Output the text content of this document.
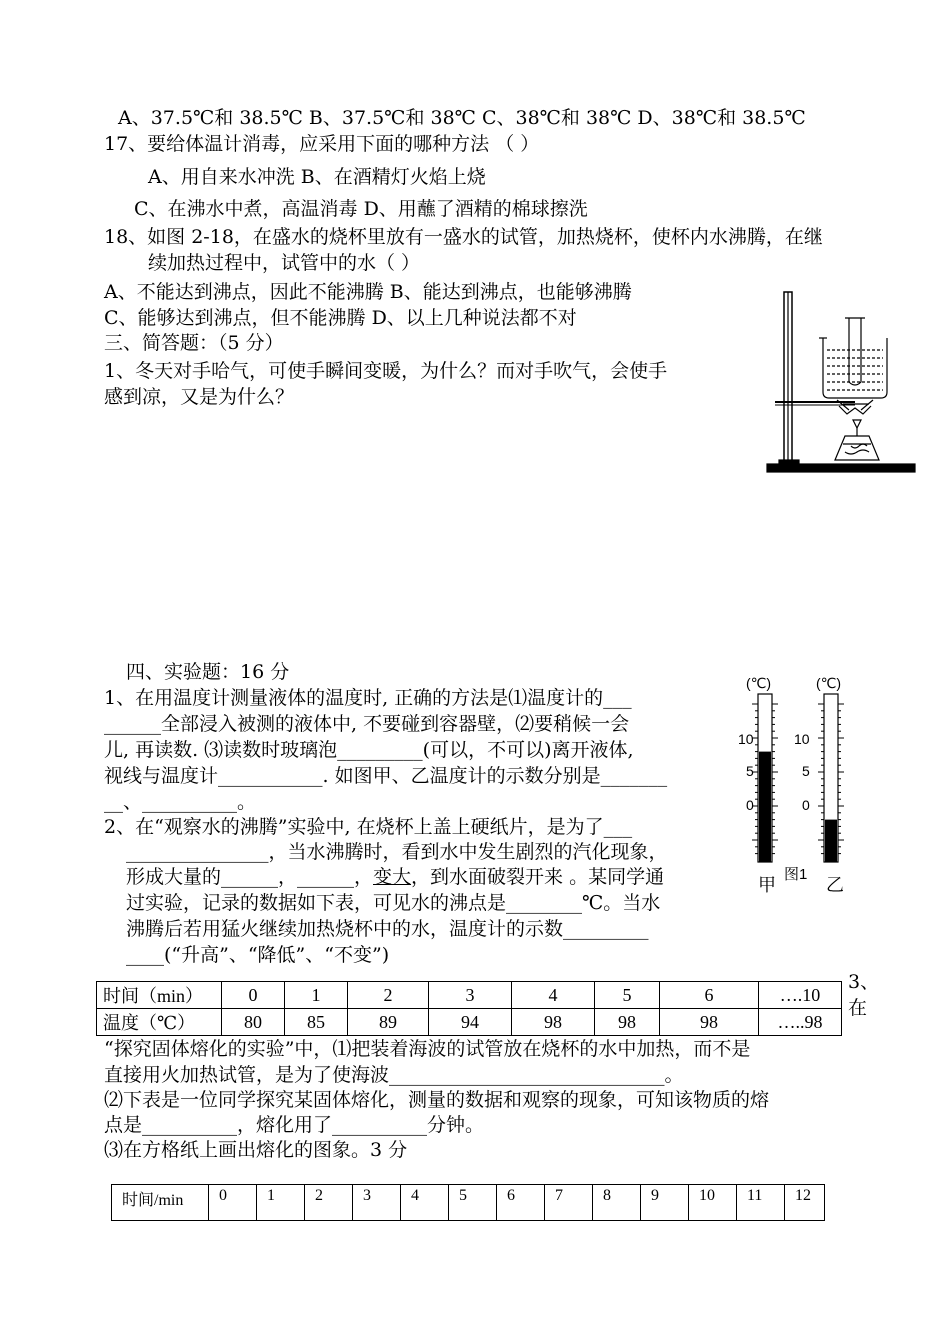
A、37.5℃和 38.5℃ B、37.5℃和 38℃ C、38℃和 38℃ D、38℃和 38.5℃
17、要给体温计消毒，应采用下面的哪种方法 （ ）
A、用自来水冲洗 B、在酒精灯火焰上烧
C、在沸水中煮，高温消毒 D、用蘸了酒精的棉球擦洗
18、如图 2-18，在盛水的烧杯里放有一盛水的试管，加热烧杯，使杯内水沸腾，在继
续加热过程中，试管中的水（ ）
A、不能达到沸点，因此不能沸腾 B、能达到沸点，也能够沸腾
C、能够达到沸点，但不能沸腾 D、以上几种说法都不对
三、简答题：（5 分）
1、冬天对手哈气，可使手瞬间变暖，为什么？而对手吹气，会使手
感到凉，又是为什么？
四、实验题：16 分
1、在用温度计测量液体的温度时, 正确的方法是⑴温度计的___
______全部浸入被测的液体中, 不要碰到容器壁，⑵要稍候一会
儿, 再读数. ⑶读数时玻璃泡_________(可以，不可以)离开液体,
视线与温度计___________. 如图甲、乙温度计的示数分别是_______
__、__________。
2、在“观察水的沸腾”实验中, 在烧杯上盖上硬纸片，是为了___
_______________，当水沸腾时，看到水中发生剧烈的汽化现象，
形成大量的______，______，变大，到水面破裂开来 。某同学通
过实验，记录的数据如下表，可见水的沸点是________℃。当水
沸腾后若用猛火继续加热烧杯中的水，温度计的示数_________
____(“升高”、“降低”、“不变”)
(℃)	(℃)
10
5
0
10
5
0
甲
图1
乙
时间（min）	0	1	2	3	4	5	6	….10
温度（℃）	80	85	89	94	98	98	98	…..98
3、
在
“探究固体熔化的实验”中，⑴把装着海波的试管放在烧杯的水中加热，而不是
直接用火加热试管，是为了使海波_____________________________。
⑵下表是一位同学探究某固体熔化，测量的数据和观察的现象，可知该物质的熔
点是__________，熔化用了__________分钟。
⑶在方格纸上画出熔化的图象。3 分
时间/min	0	1	2	3	4	5	6	7	8	9	10	11	12
